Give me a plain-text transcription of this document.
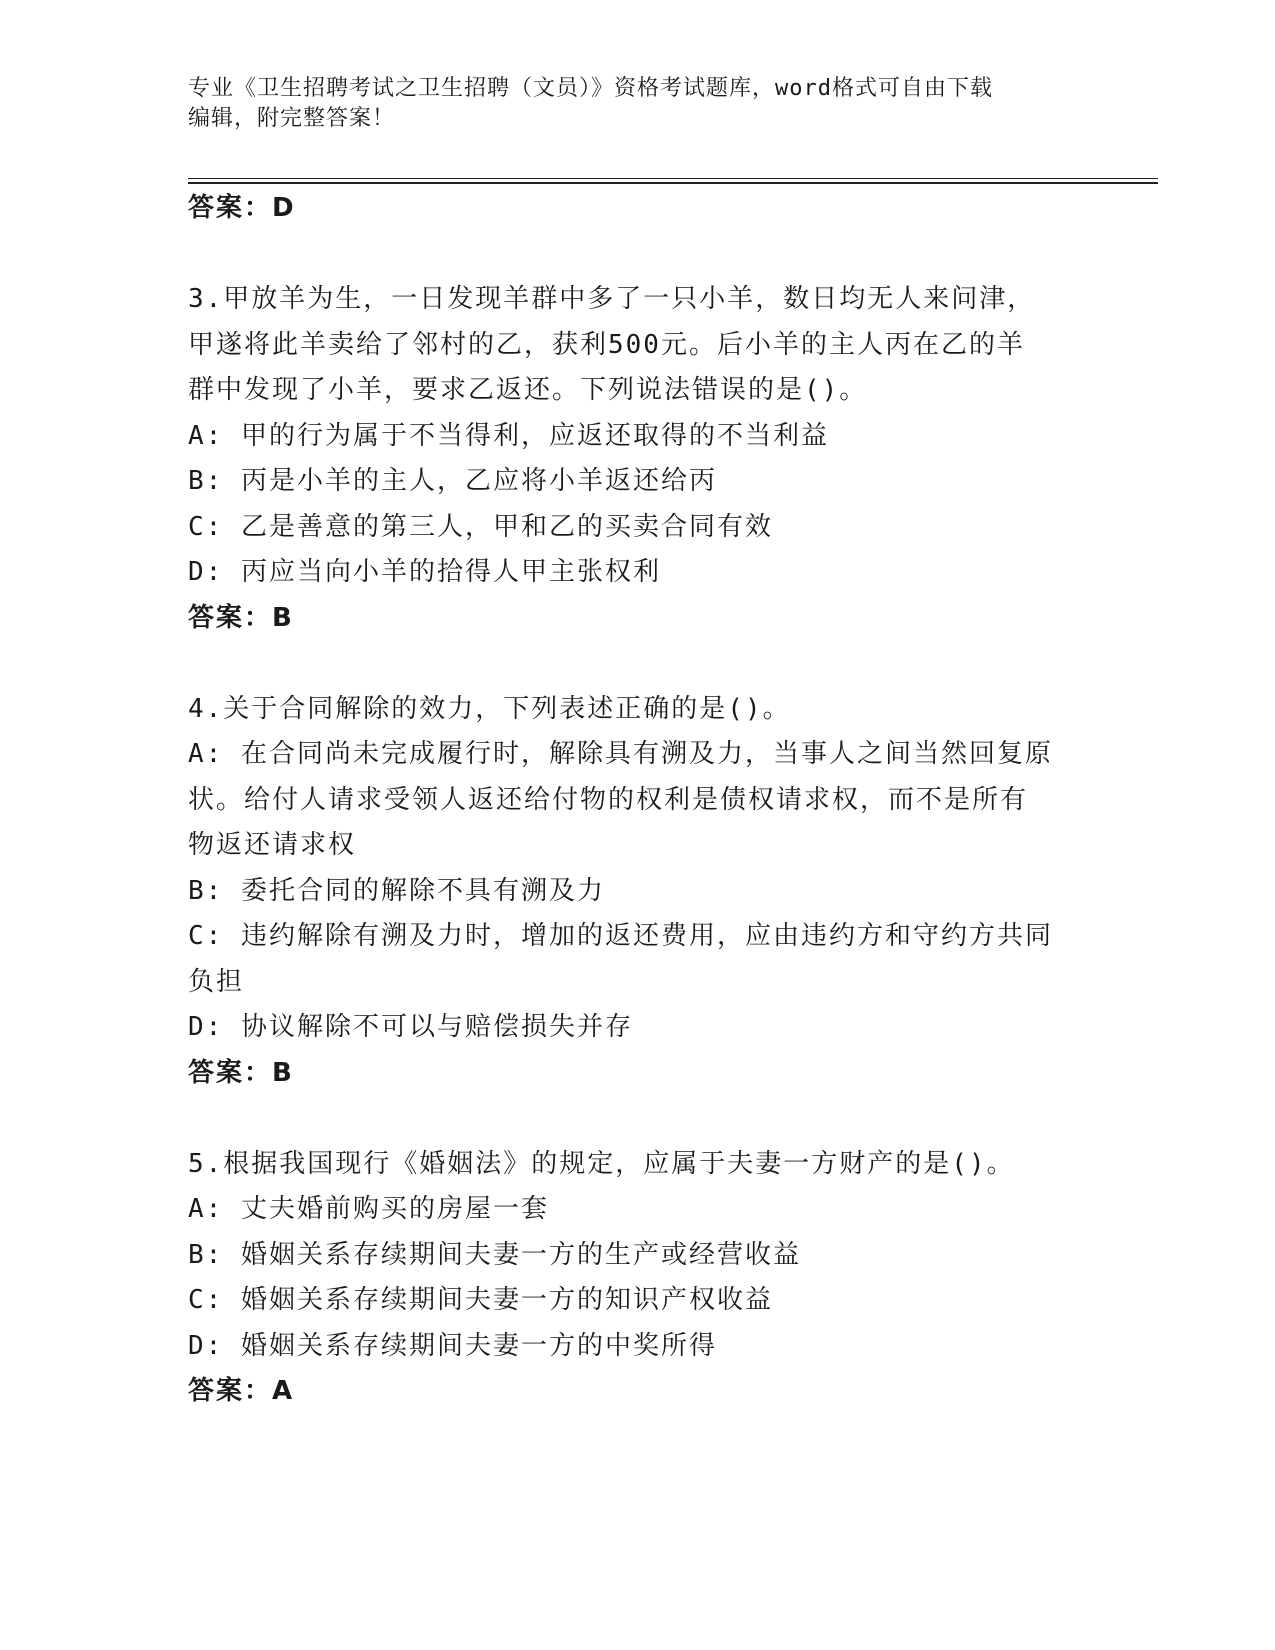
专业《卫生招聘考试之卫生招聘（文员）》资格考试题库，word格式可自由下载
编辑，附完整答案！
答案：D
3.甲放羊为生，一日发现羊群中多了一只小羊，数日均无人来问津，
甲遂将此羊卖给了邻村的乙，获利500元。后小羊的主人丙在乙的羊
群中发现了小羊，要求乙返还。下列说法错误的是()。
A: 甲的行为属于不当得利，应返还取得的不当利益
B: 丙是小羊的主人，乙应将小羊返还给丙
C: 乙是善意的第三人，甲和乙的买卖合同有效
D: 丙应当向小羊的拾得人甲主张权利
答案：B
4.关于合同解除的效力，下列表述正确的是()。
A: 在合同尚未完成履行时，解除具有溯及力，当事人之间当然回复原
状。给付人请求受领人返还给付物的权利是债权请求权，而不是所有
物返还请求权
B: 委托合同的解除不具有溯及力
C: 违约解除有溯及力时，增加的返还费用，应由违约方和守约方共同
负担
D: 协议解除不可以与赔偿损失并存
答案：B
5.根据我国现行《婚姻法》的规定，应属于夫妻一方财产的是()。
A: 丈夫婚前购买的房屋一套
B: 婚姻关系存续期间夫妻一方的生产或经营收益
C: 婚姻关系存续期间夫妻一方的知识产权收益
D: 婚姻关系存续期间夫妻一方的中奖所得
答案：A
